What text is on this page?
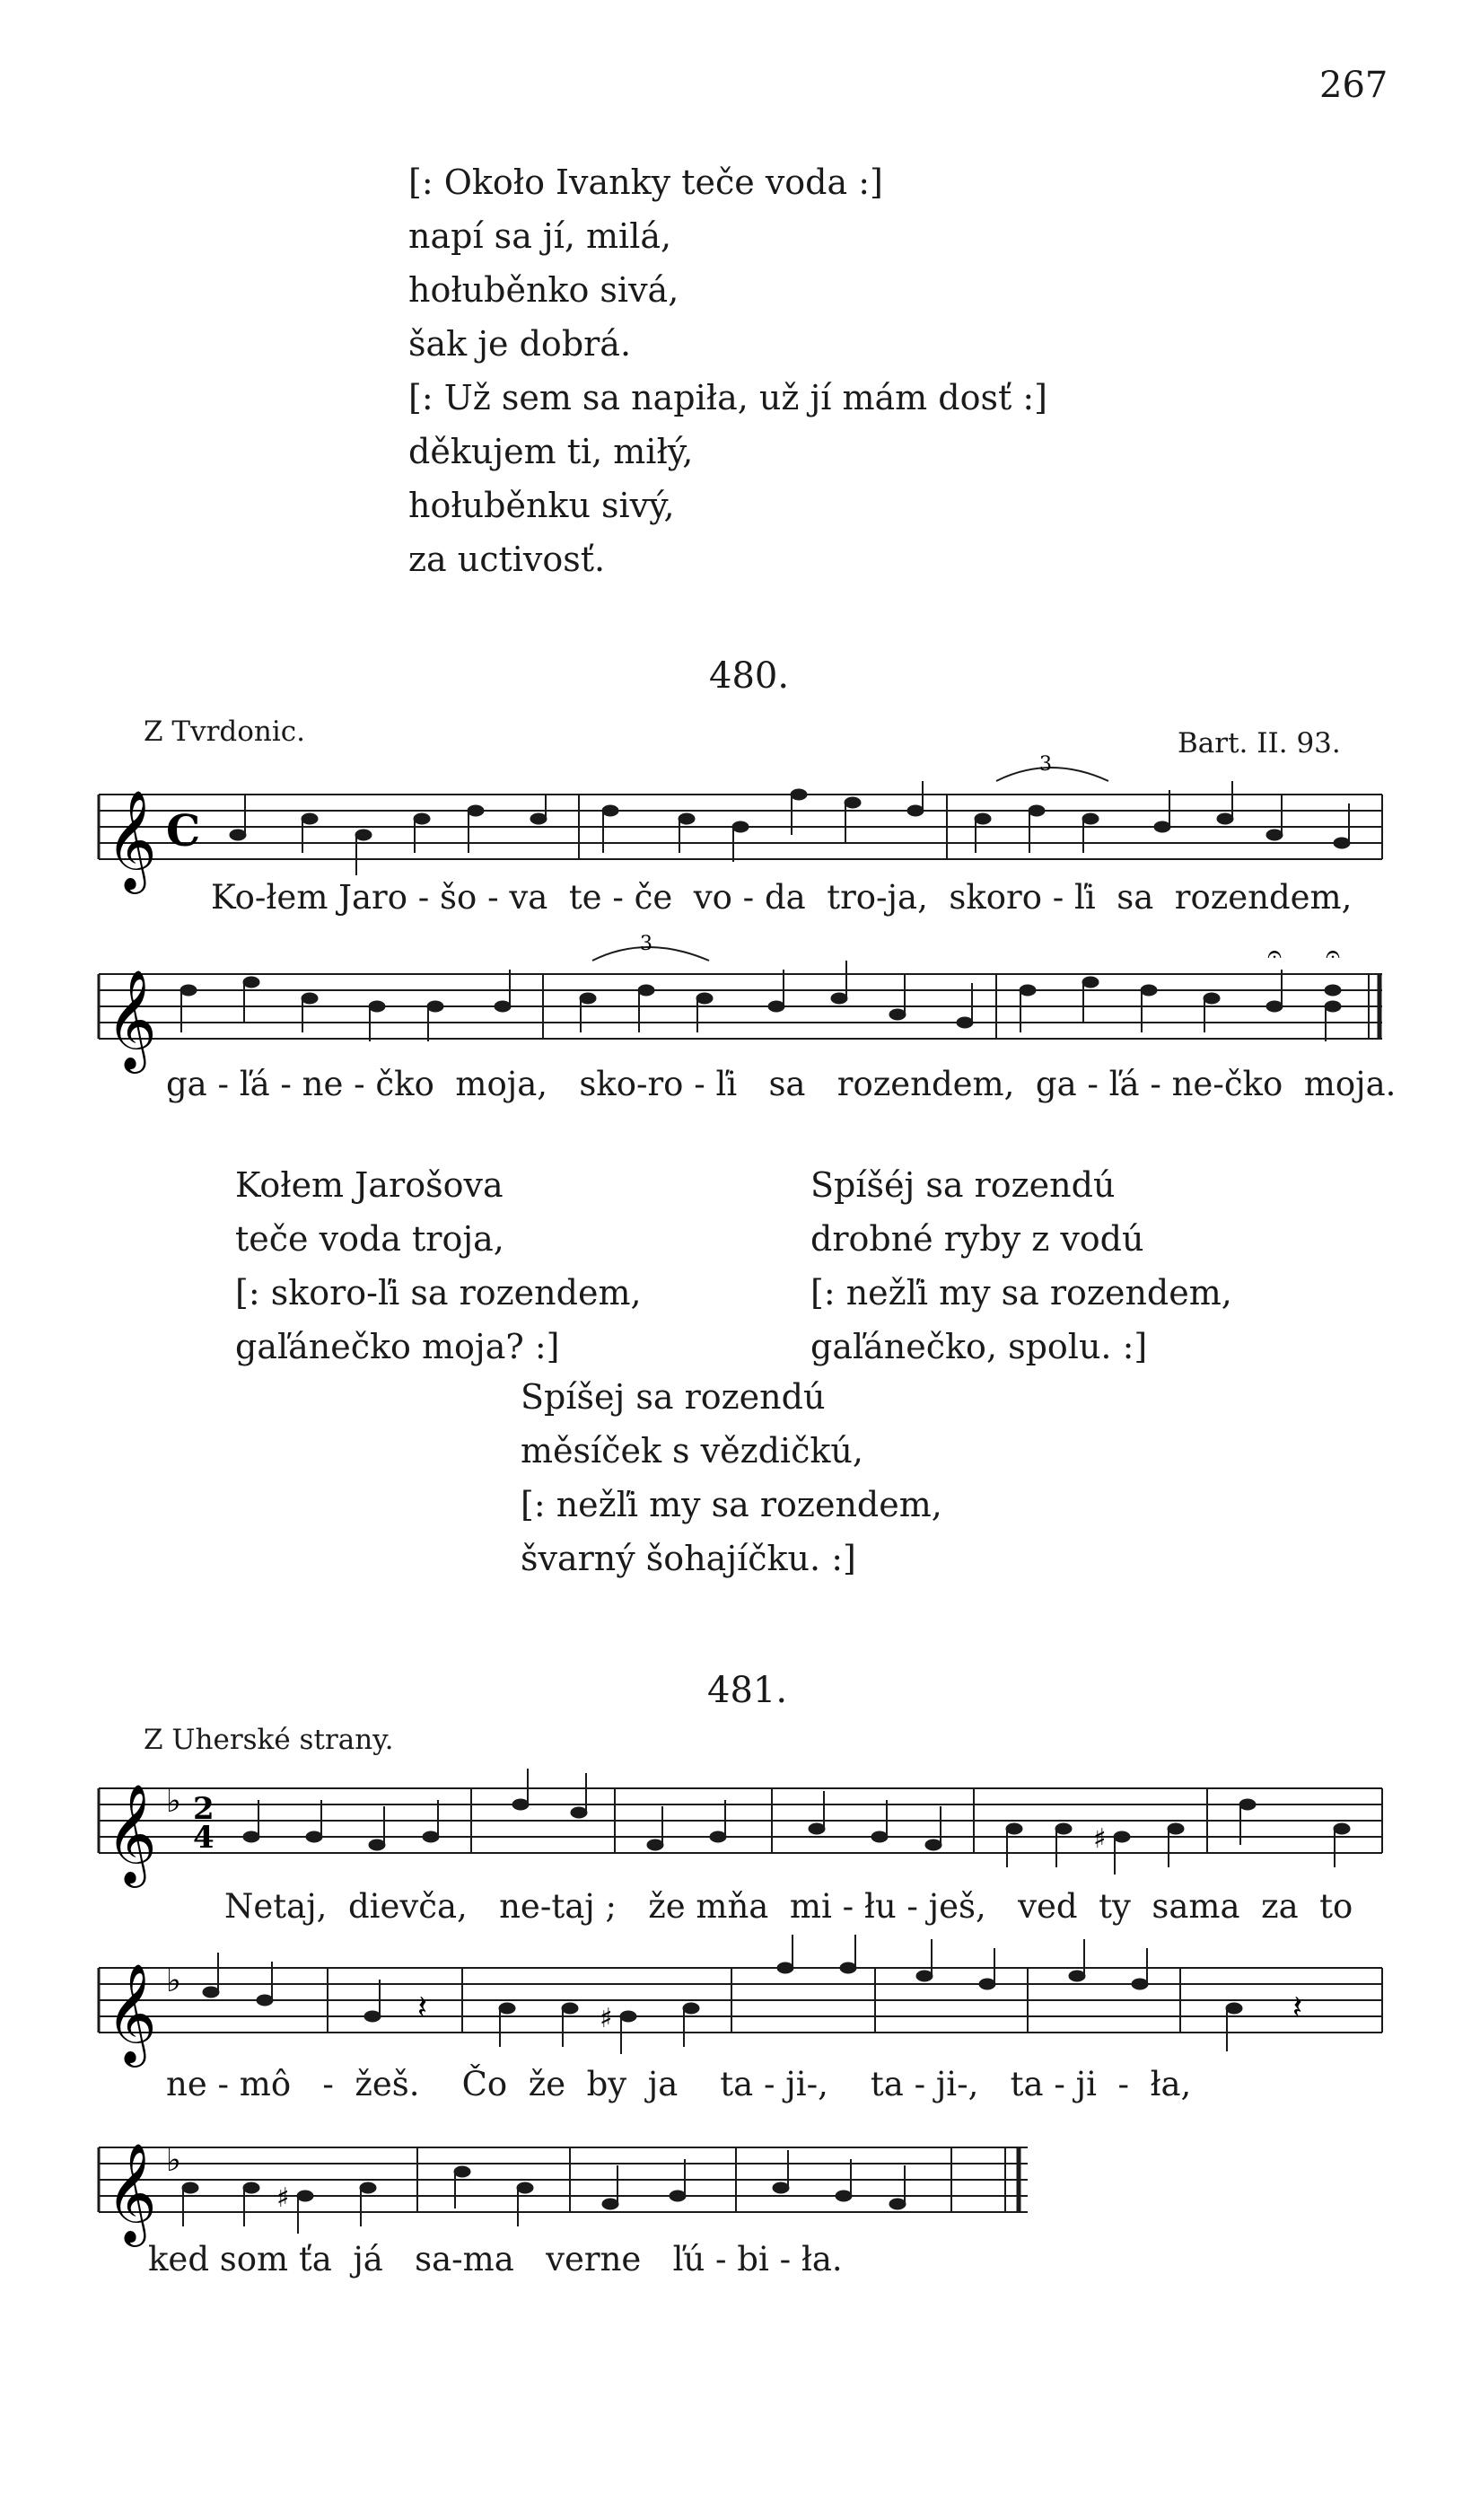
267
[: Około Ivanky teče voda :]
napí sa jí, milá,
hołuběnko sivá,
šak je dobrá.
[: Už sem sa napiła, už jí mám dosť :]
děkujem ti, miłý,
hołuběnku sivý,
za uctivosť.
480.
Z Tvrdonic.	Bart. II. 93.
𝄞 C
3
Ko-łem Jaro - šo - va  te - če  vo - da  tro-ja,  skoro - ľi  sa  rozendem,
𝄞
3	𝄐 𝄐
ga - ľá - ne - čko  moja,   sko-ro - ľi   sa   rozendem,  ga - ľá - ne-čko  moja.
Kołem Jarošova
teče voda troja,
[: skoro-ľi sa rozendem,
gaľánečko moja? :]
Spíšéj sa rozendú
drobné ryby z vodú
[: nežľi my sa rozendem,
gaľánečko, spolu. :]
Spíšej sa rozendú
měsíček s vězdičkú,
[: nežľi my sa rozendem,
švarný šohajíčku. :]
481.
Z Uherské strany.
𝄞 ♭ 2
4	♯
Netaj,  dievča,   ne-taj ;   že mňa  mi - łu - ješ,   ved  ty  sama  za  to
𝄞 ♭
𝄽	♯	𝄽
ne - mô   -  žeš.    Čo  že  by  ja    ta - ji-,    ta - ji-,   ta - ji  -  ła,
𝄞 ♭
♯
ked som ťa  já   sa-ma   verne   ľú - bi - ła.
